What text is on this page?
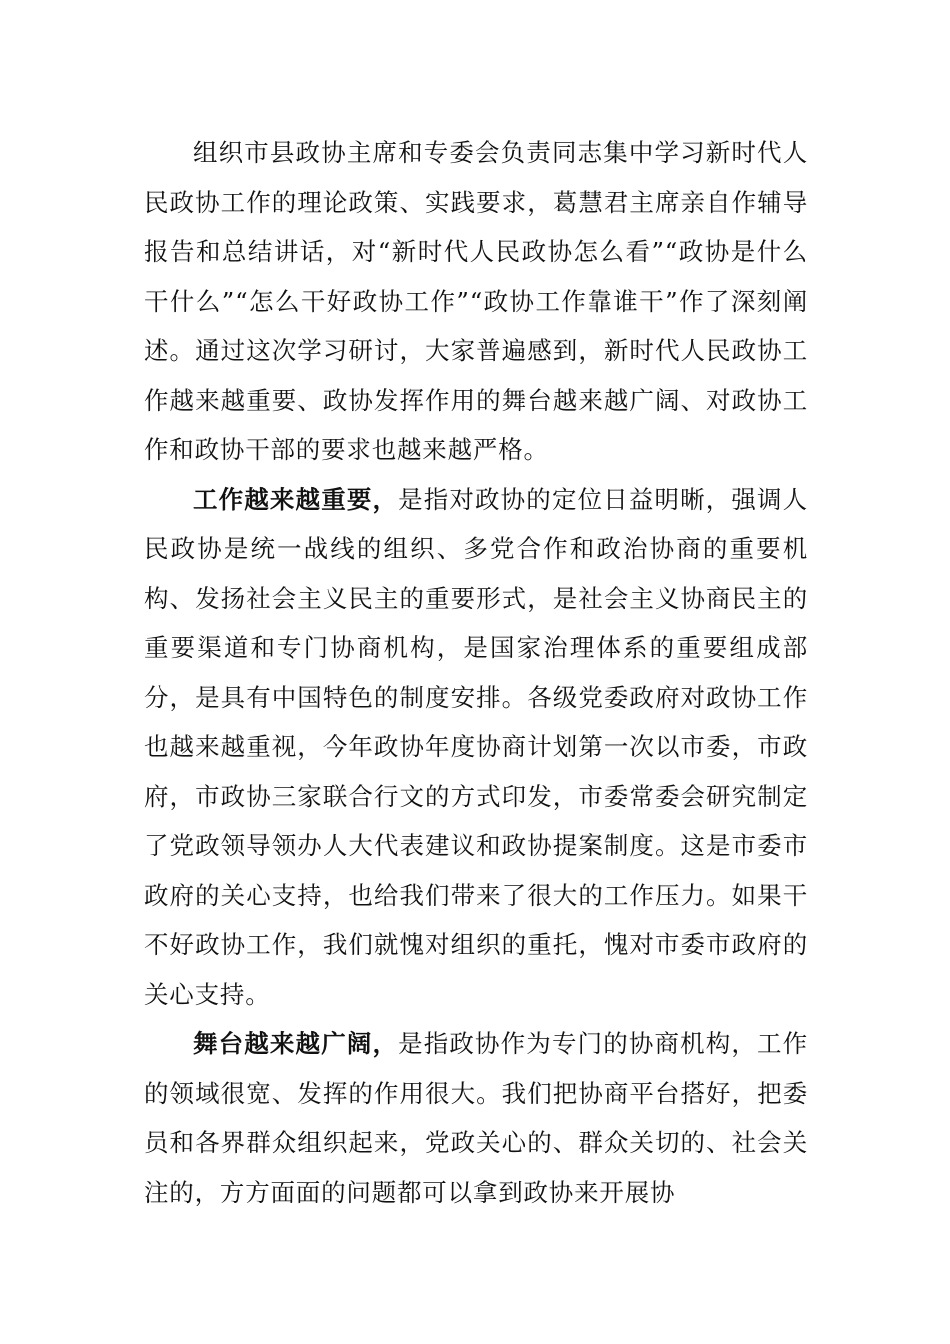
组织市县政协主席和专委会负责同志集中学习新时代人民政协工作的理论政策、实践要求，葛慧君主席亲自作辅导报告和总结讲话，对“新时代人民政协怎么看”“政协是什么干什么”“怎么干好政协工作”“政协工作靠谁干”作了深刻阐述。通过这次学习研讨，大家普遍感到，新时代人民政协工作越来越重要、政协发挥作用的舞台越来越广阔、对政协工作和政协干部的要求也越来越严格。

工作越来越重要，是指对政协的定位日益明晰，强调人民政协是统一战线的组织、多党合作和政治协商的重要机构、发扬社会主义民主的重要形式，是社会主义协商民主的重要渠道和专门协商机构，是国家治理体系的重要组成部分，是具有中国特色的制度安排。各级党委政府对政协工作也越来越重视，今年政协年度协商计划第一次以市委，市政府，市政协三家联合行文的方式印发，市委常委会研究制定了党政领导领办人大代表建议和政协提案制度。这是市委市政府的关心支持，也给我们带来了很大的工作压力。如果干不好政协工作，我们就愧对组织的重托，愧对市委市政府的关心支持。

舞台越来越广阔，是指政协作为专门的协商机构，工作的领域很宽、发挥的作用很大。我们把协商平台搭好，把委员和各界群众组织起来，党政关心的、群众关切的、社会关注的，方方面面的问题都可以拿到政协来开展协
